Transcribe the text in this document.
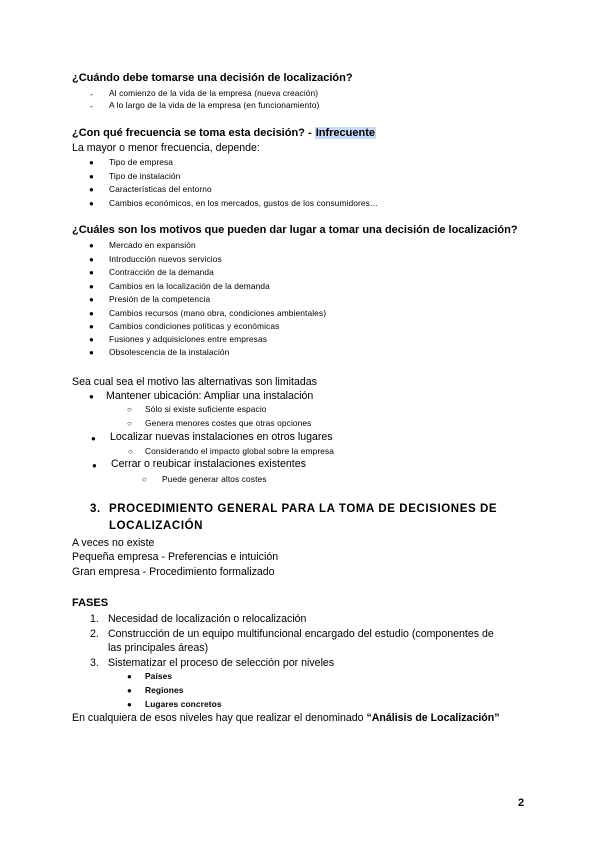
¿Cuándo debe tomarse una decisión de localización?

- Al comienzo de la vida de la empresa (nueva creación)

- A lo largo de la vida de la empresa (en funcionamiento)

¿Con qué frecuencia se toma esta decisión? - Infrecuente

La mayor o menor frecuencia, depende:

● Tipo de empresa

● Tipo de instalación

● Características del entorno

● Cambios económicos, en los mercados, gustos de los consumidores…

¿Cuáles son los motivos que pueden dar lugar a tomar una decisión de localización?

● Mercado en expansión

● Introducción nuevos servicios

● Contracción de la demanda

● Cambios en la localización de la demanda

● Presión de la competencia

● Cambios recursos (mano obra, condiciones ambientales)

● Cambios condiciones políticas y económicas

● Fusiones y adquisiciones entre empresas

● Obsolescencia de la instalación

Sea cual sea el motivo las alternativas son limitadas

● Mantener ubicación: Ampliar una instalación

○ Sólo si existe suficiente espacio

○ Genera menores costes que otras opciones

● Localizar nuevas instalaciones en otros lugares

○ Considerando el impacto global sobre la empresa

● Cerrar o reubicar instalaciones existentes

○ Puede generar altos costes

3. PROCEDIMIENTO GENERAL PARA LA TOMA DE DECISIONES DE

LOCALIZACIÓN

A veces no existe

Pequeña empresa - Preferencias e intuición

Gran empresa - Procedimiento formalizado

FASES

1. Necesidad de localización o relocalización

2. Construcción de un equipo multifuncional encargado del estudio (componentes de

las principales áreas)

3. Sistematizar el proceso de selección por niveles

● Países

● Regiones

● Lugares concretos

En cualquiera de esos niveles hay que realizar el denominado “Análisis de Localización”

2
